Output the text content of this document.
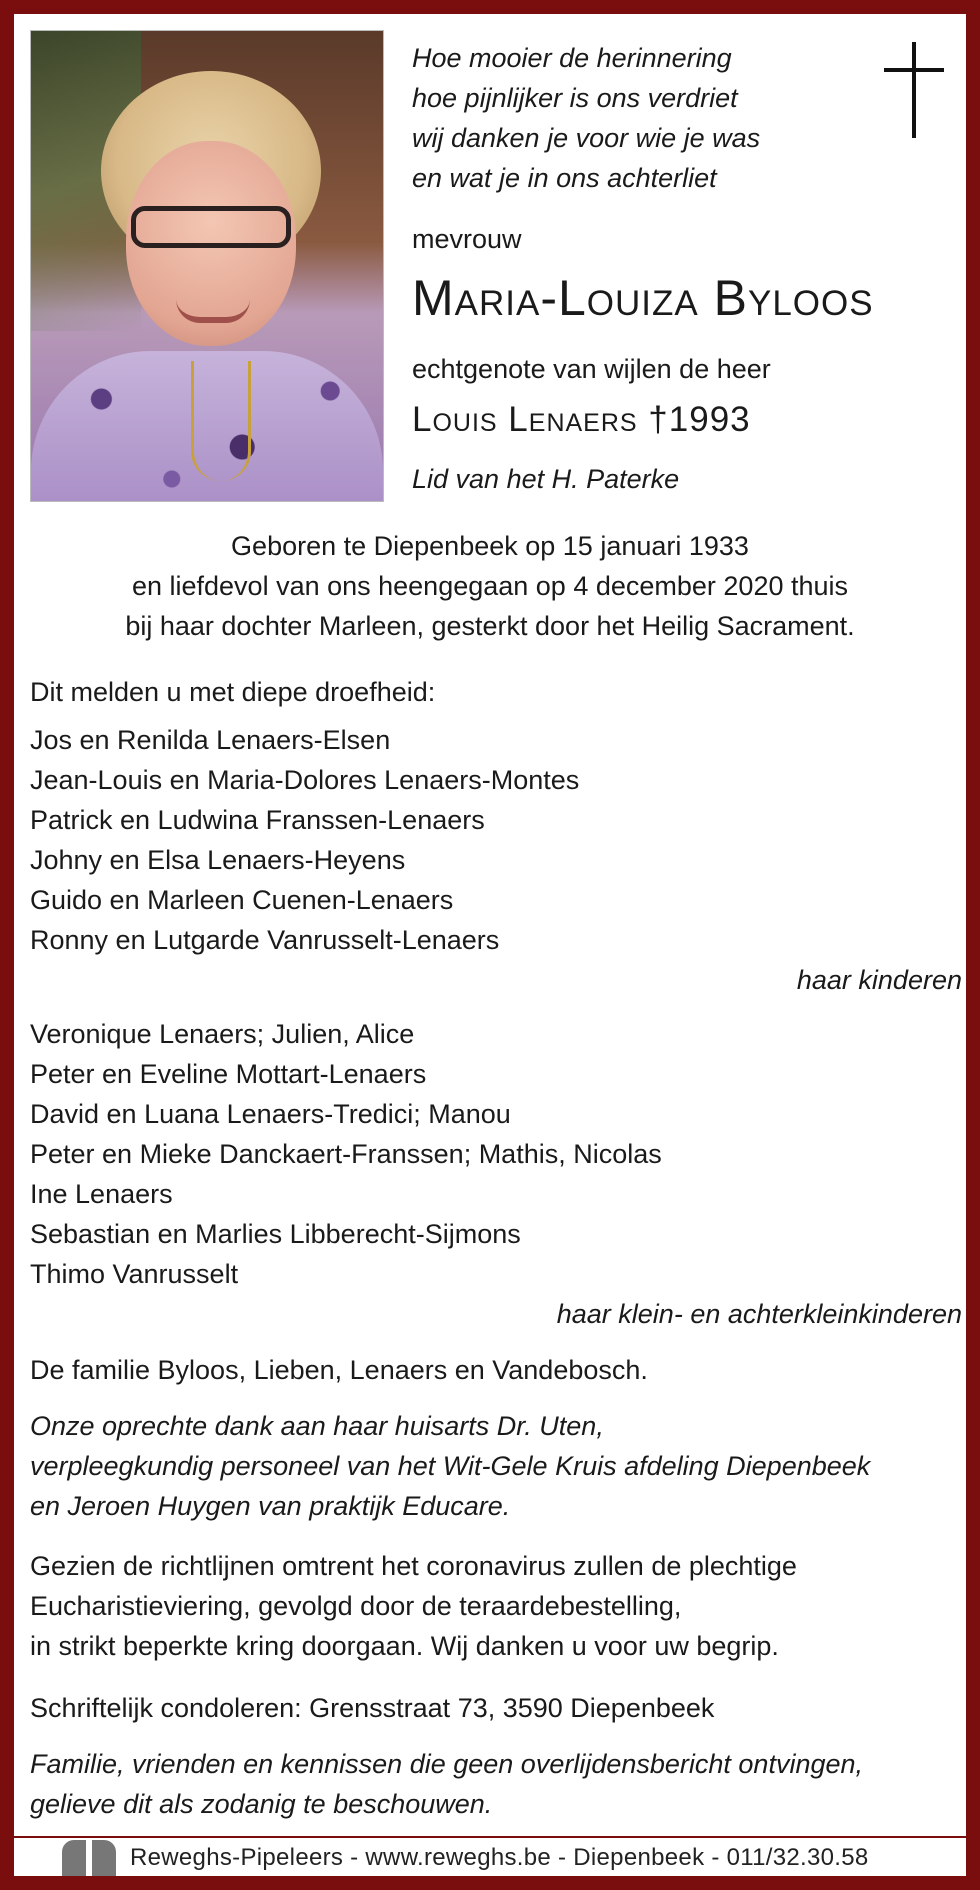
Hoe mooier de herinnering
hoe pijnlijker is ons verdriet
wij danken je voor wie je was
en wat je in ons achterliet
mevrouw
Maria-Louiza Byloos
echtgenote van wijlen de heer
Louis Lenaers †1993
Lid van het H. Paterke
Geboren te Diepenbeek op 15 januari 1933
en liefdevol van ons heengegaan op 4 december 2020 thuis
bij haar dochter Marleen, gesterkt door het Heilig Sacrament.
Dit melden u met diepe droefheid:
Jos en Renilda Lenaers-Elsen
Jean-Louis en Maria-Dolores Lenaers-Montes
Patrick en Ludwina Franssen-Lenaers
Johny en Elsa Lenaers-Heyens
Guido en Marleen Cuenen-Lenaers
Ronny en Lutgarde Vanrusselt-Lenaers
haar kinderen
Veronique Lenaers; Julien, Alice
Peter en Eveline Mottart-Lenaers
David en Luana Lenaers-Tredici; Manou
Peter en Mieke Danckaert-Franssen; Mathis, Nicolas
Ine Lenaers
Sebastian en Marlies Libberecht-Sijmons
Thimo Vanrusselt
haar klein- en achterkleinkinderen
De familie Byloos, Lieben, Lenaers en Vandebosch.
Onze oprechte dank aan haar huisarts Dr. Uten,
verpleegkundig personeel van het Wit-Gele Kruis afdeling Diepenbeek
en Jeroen Huygen van praktijk Educare.
Gezien de richtlijnen omtrent het coronavirus zullen de plechtige
Eucharistieviering, gevolgd door de teraardebestelling,
in strikt beperkte kring doorgaan. Wij danken u voor uw begrip.
Schriftelijk condoleren: Grensstraat 73, 3590 Diepenbeek
Familie, vrienden en kennissen die geen overlijdensbericht ontvingen,
gelieve dit als zodanig te beschouwen.
Reweghs-Pipeleers - www.reweghs.be - Diepenbeek - 011/32.30.58
